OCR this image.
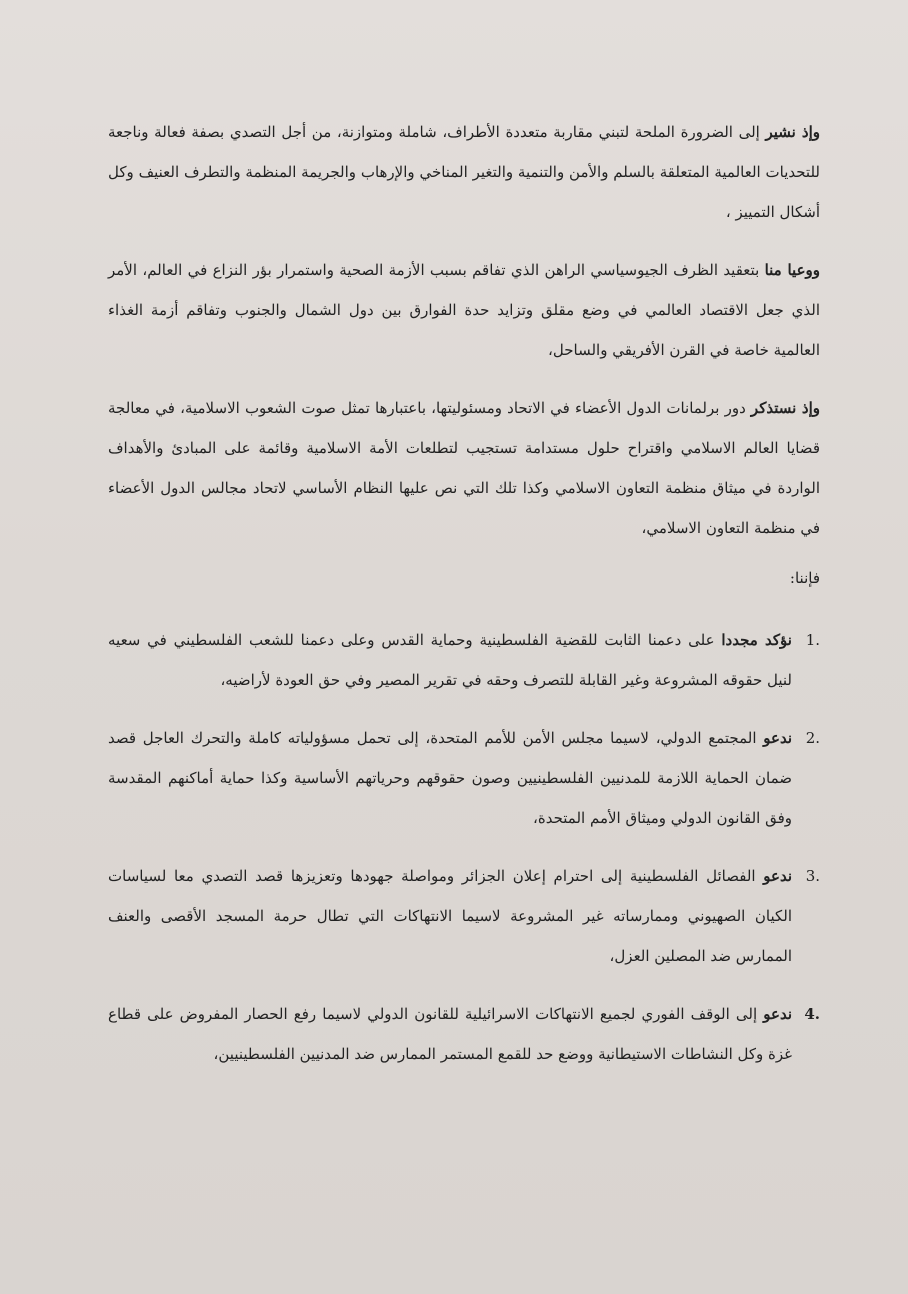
وإذ نشير إلى الضرورة الملحة لتبني مقاربة متعددة الأطراف، شاملة ومتوازنة، من أجل التصدي بصفة فعالة وناجعة للتحديات العالمية المتعلقة بالسلم والأمن والتنمية والتغير المناخي والإرهاب والجريمة المنظمة والتطرف العنيف وكل أشكال التمييز ،

ووعيا منا بتعقيد الظرف الجيوسياسي الراهن الذي تفاقم بسبب الأزمة الصحية واستمرار بؤر النزاع في العالم، الأمر الذي جعل الاقتصاد العالمي في وضع مقلق وتزايد حدة الفوارق بين دول الشمال والجنوب وتفاقم أزمة الغذاء العالمية خاصة في القرن الأفريقي والساحل،

وإذ نستذكر دور برلمانات الدول الأعضاء في الاتحاد ومسئوليتها، باعتبارها تمثل صوت الشعوب الاسلامية، في معالجة قضايا العالم الاسلامي واقتراح حلول مستدامة تستجيب لتطلعات الأمة الاسلامية وقائمة على المبادئ والأهداف الواردة في ميثاق منظمة التعاون الاسلامي وكذا تلك التي نص عليها النظام الأساسي لاتحاد مجالس الدول الأعضاء في منظمة التعاون الاسلامي،

فإننا:

1.
نؤكد مجددا على دعمنا الثابت للقضية الفلسطينية وحماية القدس وعلى دعمنا للشعب الفلسطيني في سعيه لنيل حقوقه المشروعة وغير القابلة للتصرف وحقه في تقرير المصير وفي حق العودة لأراضيه،
2.
ندعو المجتمع الدولي، لاسيما مجلس الأمن للأمم المتحدة، إلى تحمل مسؤولياته كاملة والتحرك العاجل قصد ضمان الحماية اللازمة للمدنيين الفلسطينيين وصون حقوقهم وحرياتهم الأساسية وكذا حماية أماكنهم المقدسة وفق القانون الدولي وميثاق الأمم المتحدة،
3.
ندعو الفصائل الفلسطينية إلى احترام إعلان الجزائر ومواصلة جهودها وتعزيزها قصد التصدي معا لسياسات الكيان الصهيوني وممارساته غير المشروعة لاسيما الانتهاكات التي تطال حرمة المسجد الأقصى والعنف الممارس ضد المصلين العزل،
4.
ندعو إلى الوقف الفوري لجميع الانتهاكات الاسرائيلية للقانون الدولي لاسيما رفع الحصار المفروض على قطاع غزة وكل النشاطات الاستيطانية ووضع حد للقمع المستمر الممارس ضد المدنيين الفلسطينيين،
